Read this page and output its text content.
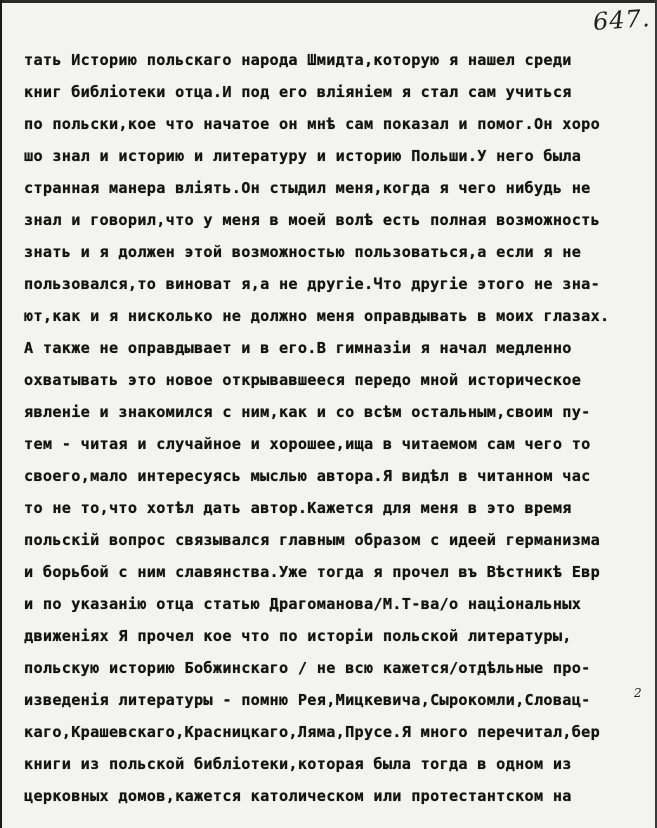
647.
2
тать Историю польскаго народа Шмидта,которую я нашел среди
книг библіотеки отца.И под его вліяніем я стал сам учиться
по польски,кое что начатое он мнѣ сам показал и помог.Он хоро
шо знал и историю и литературу и историю Польши.У него была
странная манера вліять.Он стыдил меня,когда я чего нибудь не
знал и говорил,что у меня в моей волѣ есть полная возможность
знать и я должен этой возможностью пользоваться,а если я не
пользовался,то виноват я,а не другіе.Что другіе этого не зна-
ют,как и я нисколько не должно меня оправдывать в моих глазах.
А также не оправдывает и в его.В гимназіи я начал медленно
охватывать это новое открывавшееся передо мной историческое
явленіе и знакомился с ним,как и со всѣм остальным,своим пу-
тем - читая и случайное и хорошее,ища в читаемом сам чего то
своего,мало интересуясь мыслью автора.Я видѣл в читанном час
то не то,что хотѣл дать автор.Кажется для меня в это время
польскій вопрос связывался главным образом с идеей германизма
и борьбой с ним славянства.Уже тогда я прочел въ Вѣстникѣ Евр
и по указанію отца статью Драгоманова/М.Т-ва/о національных
движеніях Я прочел кое что по исторіи польской литературы,
польскую историю Бобжинскаго / не всю кажется/отдѣльные про-
изведенія литературы - помню Рея,Мицкевича,Сырокомли,Словац-
каго,Крашевскаго,Красницкаго,Ляма,Прусе.Я много перечитал,бер
книги из польской библіотеки,которая была тогда в одном из
церковных домов,кажется католическом или протестантском на
